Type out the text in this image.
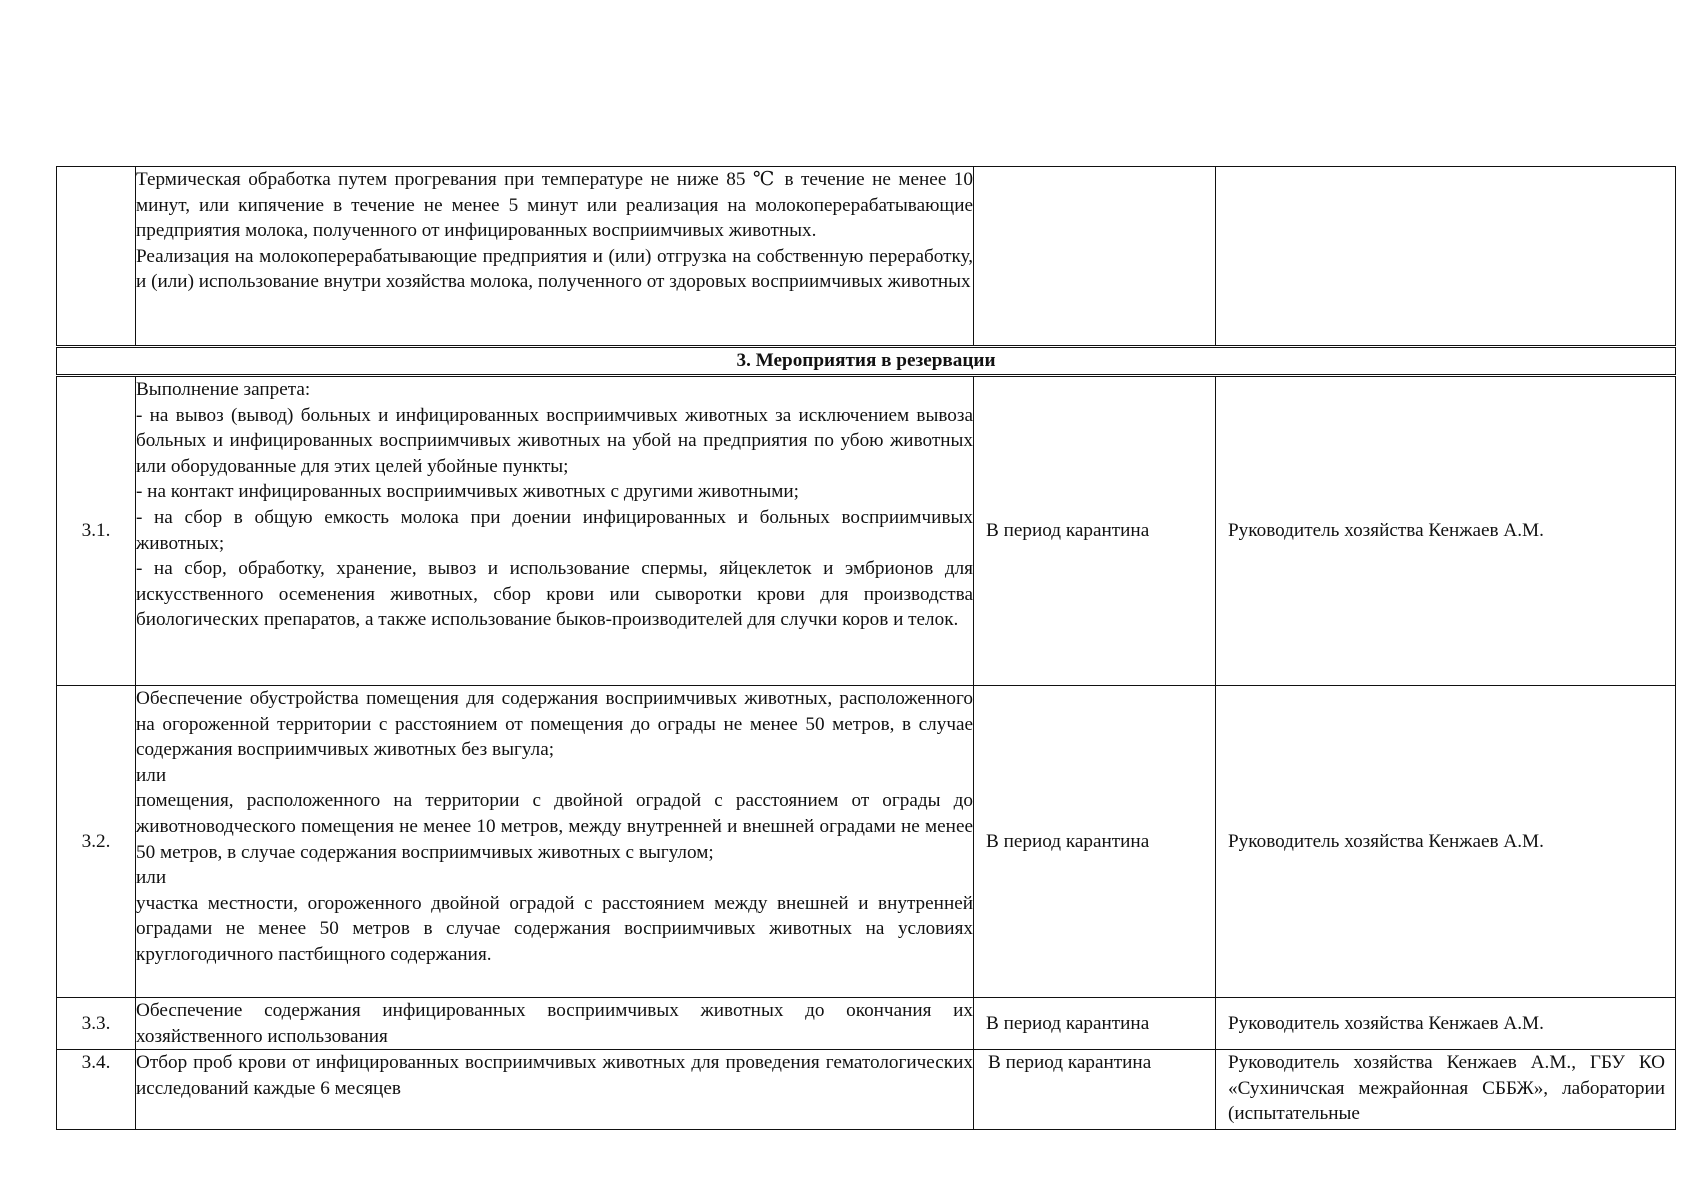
	Термическая обработка путем прогревания при температуре не ниже 85 ℃ в течение не менее 10 минут, или кипячение в течение не менее 5 минут или реализация на молокоперерабатывающие предприятия молока, полученного от инфицированных восприимчивых животных.

Реализация на молокоперерабатывающие предприятия и (или) отгрузка на собственную переработку, и (или) использование внутри хозяйства молока, полученного от здоровых восприимчивых животных		

3. Мероприятия в резервации			
3.1.	Выполнение запрета:

- на вывоз (вывод) больных и инфицированных восприимчивых животных за исключением вывоза больных и инфицированных восприимчивых животных на убой на предприятия по убою животных или оборудованные для этих целей убойные пункты;

- на контакт инфицированных восприимчивых животных с другими животными;

- на сбор в общую емкость молока при доении инфицированных и больных восприимчивых животных;

- на сбор, обработку, хранение, вывоз и использование спермы, яйцеклеток и эмбрионов для искусственного осеменения животных, сбор крови или сыворотки крови для производства биологических препаратов, а также использование быков-производителей для случки коров и телок.	В период карантина	Руководитель хозяйства Кенжаев А.М.
3.2.	Обеспечение обустройства помещения для содержания восприимчивых животных, расположенного на огороженной территории с расстоянием от помещения до ограды не менее 50 метров, в случае содержания восприимчивых животных без выгула;

или

помещения, расположенного на территории с двойной оградой с расстоянием от ограды до животноводческого помещения не менее 10 метров, между внутренней и внешней оградами не менее 50 метров, в случае содержания восприимчивых животных с выгулом;

или

участка местности, огороженного двойной оградой с расстоянием между внешней и внутренней оградами не менее 50 метров в случае содержания восприимчивых животных на условиях круглогодичного пастбищного содержания.	В период карантина	Руководитель хозяйства Кенжаев А.М.
3.3.	Обеспечение содержания инфицированных восприимчивых животных до окончания их хозяйственного использования	В период карантина	Руководитель хозяйства Кенжаев А.М.
3.4.	Отбор проб крови от инфицированных восприимчивых животных для проведения гематологических исследований каждые 6 месяцев	В период карантина	Руководитель хозяйства Кенжаев А.М., ГБУ КО «Сухиничская межрайонная СББЖ», лаборатории (испытательные
